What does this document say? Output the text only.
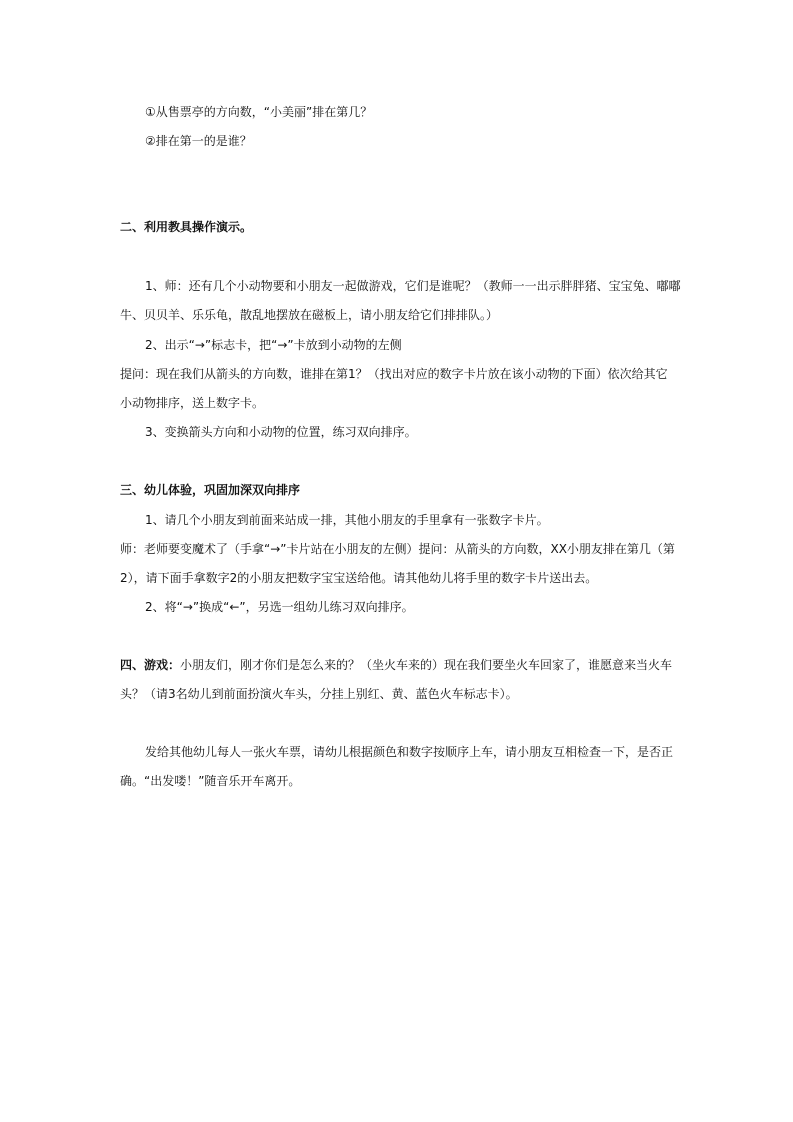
①从售票亭的方向数，“小美丽”排在第几？
②排在第一的是谁？
二、利用教具操作演示。
1、师：还有几个小动物要和小朋友一起做游戏，它们是谁呢？（教师一一出示胖胖猪、宝宝兔、嘟嘟
牛、贝贝羊、乐乐龟，散乱地摆放在磁板上，请小朋友给它们排排队。）
2、出示“→”标志卡，把“→”卡放到小动物的左侧
提问：现在我们从箭头的方向数，谁排在第1？（找出对应的数字卡片放在该小动物的下面）依次给其它
小动物排序，送上数字卡。
3、变换箭头方向和小动物的位置，练习双向排序。
三、幼儿体验，巩固加深双向排序
1、请几个小朋友到前面来站成一排，其他小朋友的手里拿有一张数字卡片。
师：老师要变魔术了（手拿“→”卡片站在小朋友的左侧）提问：从箭头的方向数，XX小朋友排在第几（第
2），请下面手拿数字2的小朋友把数字宝宝送给他。请其他幼儿将手里的数字卡片送出去。
2、将“→”换成“←”，另选一组幼儿练习双向排序。
四、游戏：小朋友们，刚才你们是怎么来的？（坐火车来的）现在我们要坐火车回家了，谁愿意来当火车
头？（请3名幼儿到前面扮演火车头，分挂上别红、黄、蓝色火车标志卡）。
发给其他幼儿每人一张火车票，请幼儿根据颜色和数字按顺序上车，请小朋友互相检查一下，是否正
确。“出发喽！”随音乐开车离开。
